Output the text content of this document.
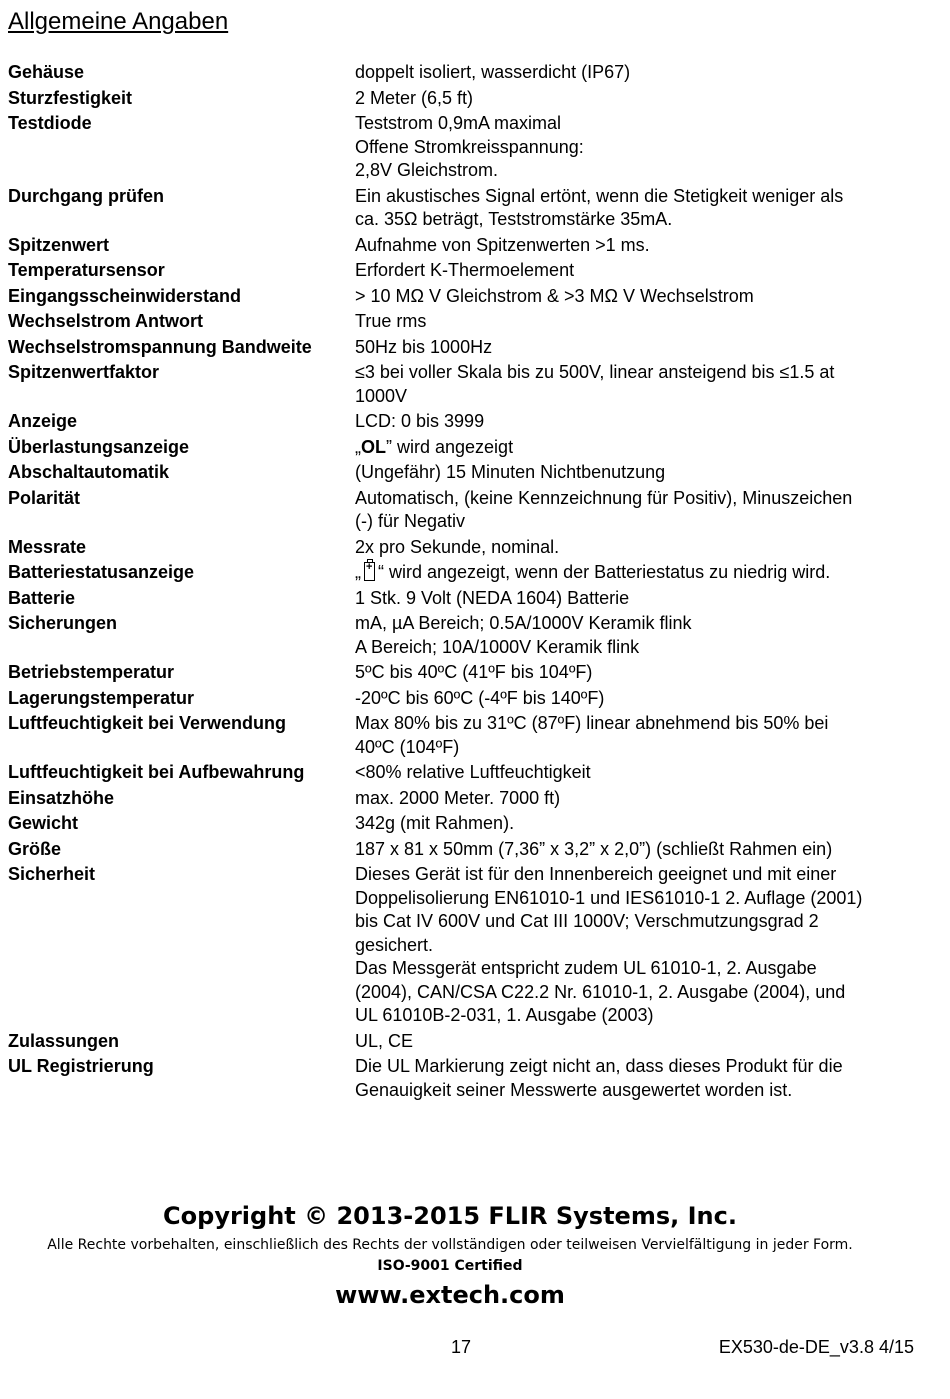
Allgemeine Angaben
Gehäuse	doppelt isoliert, wasserdicht (IP67)
Sturzfestigkeit	2 Meter (6,5 ft)
Testdiode	Teststrom 0,9mA maximal
Offene Stromkreisspannung:
2,8V Gleichstrom.
Durchgang prüfen	Ein akustisches Signal ertönt, wenn die Stetigkeit weniger als
ca. 35Ω beträgt, Teststromstärke 35mA.
Spitzenwert	Aufnahme von Spitzenwerten >1 ms.
Temperatursensor	Erfordert K-Thermoelement
Eingangsscheinwiderstand	> 10 MΩ V Gleichstrom & >3 MΩ V Wechselstrom
Wechselstrom Antwort	True rms
Wechselstromspannung Bandweite	50Hz bis 1000Hz
Spitzenwertfaktor	≤3 bei voller Skala bis zu 500V, linear ansteigend bis ≤1.5 at
1000V
Anzeige	LCD: 0 bis 3999
Überlastungsanzeige	„OL” wird angezeigt
Abschaltautomatik	(Ungefähr) 15 Minuten Nichtbenutzung
Polarität	Automatisch, (keine Kennzeichnung für Positiv), Minuszeichen
(-) für Negativ
Messrate	2x pro Sekunde, nominal.
Batteriestatusanzeige	„ + “ wird angezeigt, wenn der Batteriestatus zu niedrig wird.
Batterie	1 Stk. 9 Volt (NEDA 1604) Batterie
Sicherungen	mA, µA Bereich; 0.5A/1000V Keramik flink
A Bereich; 10A/1000V Keramik flink
Betriebstemperatur	5ºC bis 40ºC (41ºF bis 104ºF)
Lagerungstemperatur	-20ºC bis 60ºC (-4ºF bis 140ºF)
Luftfeuchtigkeit bei Verwendung	Max 80% bis zu 31ºC (87ºF) linear abnehmend bis 50% bei
40ºC (104ºF)
Luftfeuchtigkeit bei Aufbewahrung	<80% relative Luftfeuchtigkeit
Einsatzhöhe	max. 2000 Meter. 7000 ft)
Gewicht	342g (mit Rahmen).
Größe	187 x 81 x 50mm (7,36” x 3,2” x 2,0”) (schließt Rahmen ein)
Sicherheit	Dieses Gerät ist für den Innenbereich geeignet und mit einer
Doppelisolierung EN61010-1 und IES61010-1 2. Auflage (2001)
bis Cat IV 600V und Cat III 1000V; Verschmutzungsgrad 2
gesichert.
Das Messgerät entspricht zudem UL 61010-1, 2. Ausgabe
(2004), CAN/CSA C22.2 Nr. 61010-1, 2. Ausgabe (2004), und
UL 61010B-2-031, 1. Ausgabe (2003)
Zulassungen	UL, CE
UL Registrierung	Die UL Markierung zeigt nicht an, dass dieses Produkt für die
Genauigkeit seiner Messwerte ausgewertet worden ist.
Copyright © 2013-2015 FLIR Systems, Inc.
Alle Rechte vorbehalten, einschließlich des Rechts der vollständigen oder teilweisen Vervielfältigung in jeder Form.
ISO-9001 Certified
www.extech.com
17	EX530-de-DE_v3.8 4/15
